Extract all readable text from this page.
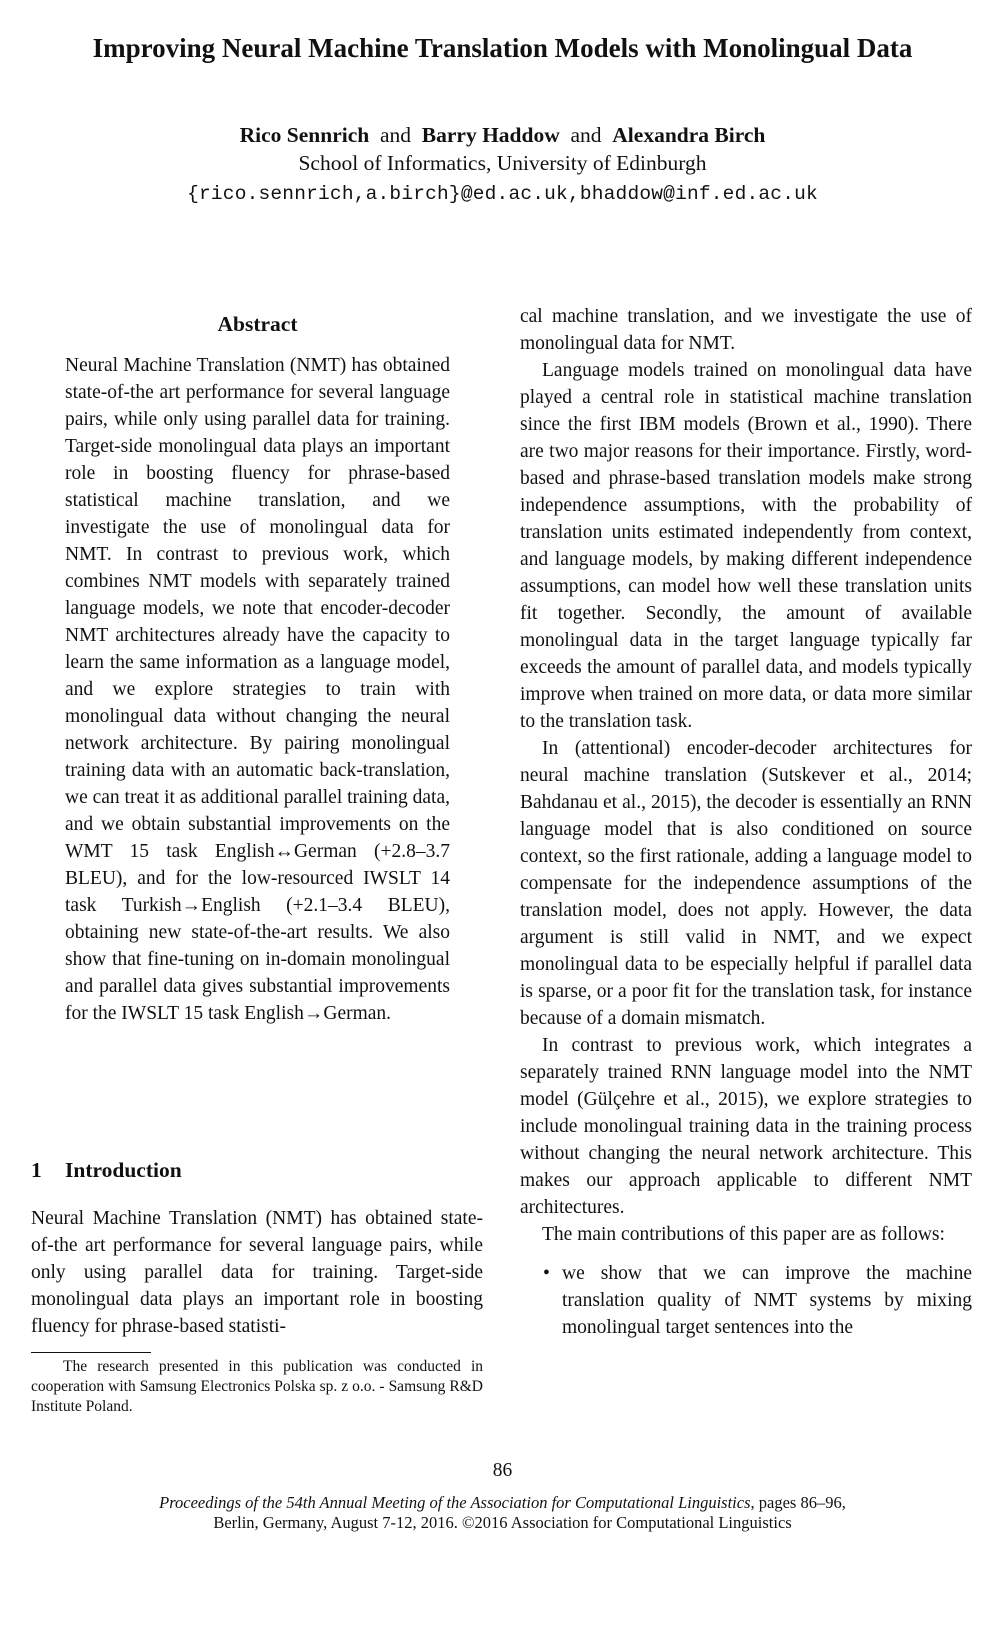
Improving Neural Machine Translation Models with Monolingual Data
Rico Sennrich and Barry Haddow and Alexandra Birch
School of Informatics, University of Edinburgh
{rico.sennrich,a.birch}@ed.ac.uk,bhaddow@inf.ed.ac.uk
Abstract
Neural Machine Translation (NMT) has obtained state-of-the art performance for several language pairs, while only using parallel data for training. Target-side monolingual data plays an important role in boosting fluency for phrase-based statistical machine translation, and we investigate the use of monolingual data for NMT. In contrast to previous work, which combines NMT models with separately trained language models, we note that encoder-decoder NMT architectures already have the capacity to learn the same information as a language model, and we explore strategies to train with monolingual data without changing the neural network architecture. By pairing monolingual training data with an automatic back-translation, we can treat it as additional parallel training data, and we obtain substantial improvements on the WMT 15 task English↔German (+2.8–3.7 BLEU), and for the low-resourced IWSLT 14 task Turkish→English (+2.1–3.4 BLEU), obtaining new state-of-the-art results. We also show that fine-tuning on in-domain monolingual and parallel data gives substantial improvements for the IWSLT 15 task English→German.
1 Introduction
Neural Machine Translation (NMT) has obtained state-of-the art performance for several language pairs, while only using parallel data for training. Target-side monolingual data plays an important role in boosting fluency for phrase-based statisti-
The research presented in this publication was conducted in cooperation with Samsung Electronics Polska sp. z o.o. - Samsung R&D Institute Poland.

cal machine translation, and we investigate the use of monolingual data for NMT.

Language models trained on monolingual data have played a central role in statistical machine translation since the first IBM models (Brown et al., 1990). There are two major reasons for their importance. Firstly, word-based and phrase-based translation models make strong independence assumptions, with the probability of translation units estimated independently from context, and language models, by making different independence assumptions, can model how well these translation units fit together. Secondly, the amount of available monolingual data in the target language typically far exceeds the amount of parallel data, and models typically improve when trained on more data, or data more similar to the translation task.

In (attentional) encoder-decoder architectures for neural machine translation (Sutskever et al., 2014; Bahdanau et al., 2015), the decoder is essentially an RNN language model that is also conditioned on source context, so the first rationale, adding a language model to compensate for the independence assumptions of the translation model, does not apply. However, the data argument is still valid in NMT, and we expect monolingual data to be especially helpful if parallel data is sparse, or a poor fit for the translation task, for instance because of a domain mismatch.

In contrast to previous work, which integrates a separately trained RNN language model into the NMT model (Gülçehre et al., 2015), we explore strategies to include monolingual training data in the training process without changing the neural network architecture. This makes our approach applicable to different NMT architectures.

The main contributions of this paper are as follows:

• we show that we can improve the machine translation quality of NMT systems by mixing monolingual target sentences into the
86
Proceedings of the 54th Annual Meeting of the Association for Computational Linguistics, pages 86–96,
Berlin, Germany, August 7-12, 2016. ©2016 Association for Computational Linguistics
